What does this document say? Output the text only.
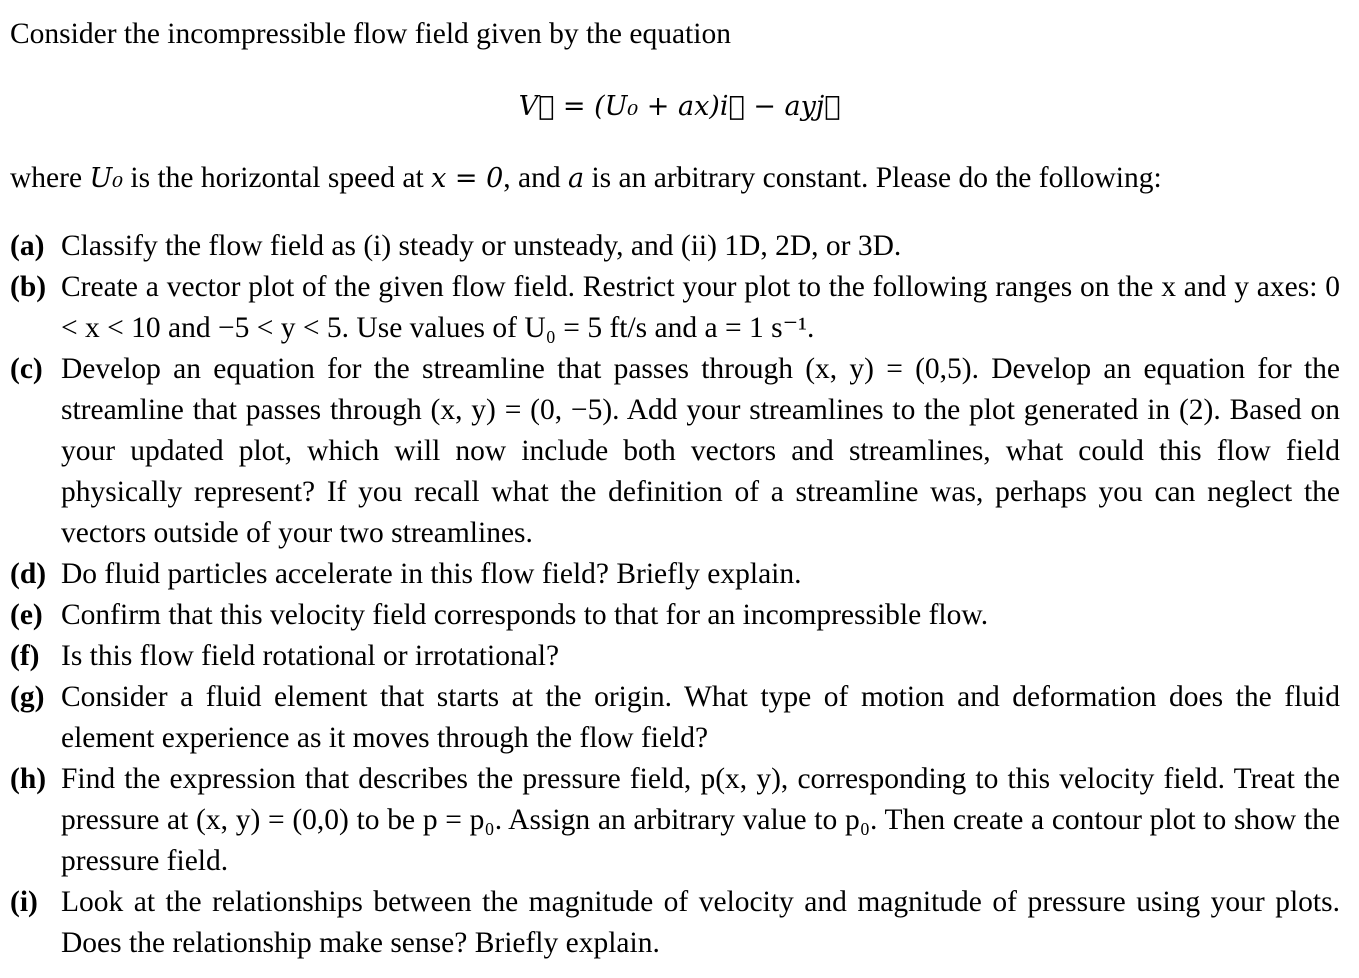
Consider the incompressible flow field given by the equation
V⃗ = (U₀ + ax)i⃗ − ayj⃗
where U₀ is the horizontal speed at x = 0, and a is an arbitrary constant. Please do the following:
(a) Classify the flow field as (i) steady or unsteady, and (ii) 1D, 2D, or 3D.
(b) Create a vector plot of the given flow field. Restrict your plot to the following ranges on the x and y axes: 0 < x < 10 and −5 < y < 5. Use values of U₀ = 5 ft/s and a = 1 s⁻¹.
(c) Develop an equation for the streamline that passes through (x, y) = (0,5). Develop an equation for the streamline that passes through (x, y) = (0, −5). Add your streamlines to the plot generated in (2). Based on your updated plot, which will now include both vectors and streamlines, what could this flow field physically represent? If you recall what the definition of a streamline was, perhaps you can neglect the vectors outside of your two streamlines.
(d) Do fluid particles accelerate in this flow field? Briefly explain.
(e) Confirm that this velocity field corresponds to that for an incompressible flow.
(f) Is this flow field rotational or irrotational?
(g) Consider a fluid element that starts at the origin. What type of motion and deformation does the fluid element experience as it moves through the flow field?
(h) Find the expression that describes the pressure field, p(x, y), corresponding to this velocity field. Treat the pressure at (x, y) = (0,0) to be p = p₀. Assign an arbitrary value to p₀. Then create a contour plot to show the pressure field.
(i) Look at the relationships between the magnitude of velocity and magnitude of pressure using your plots. Does the relationship make sense? Briefly explain.
